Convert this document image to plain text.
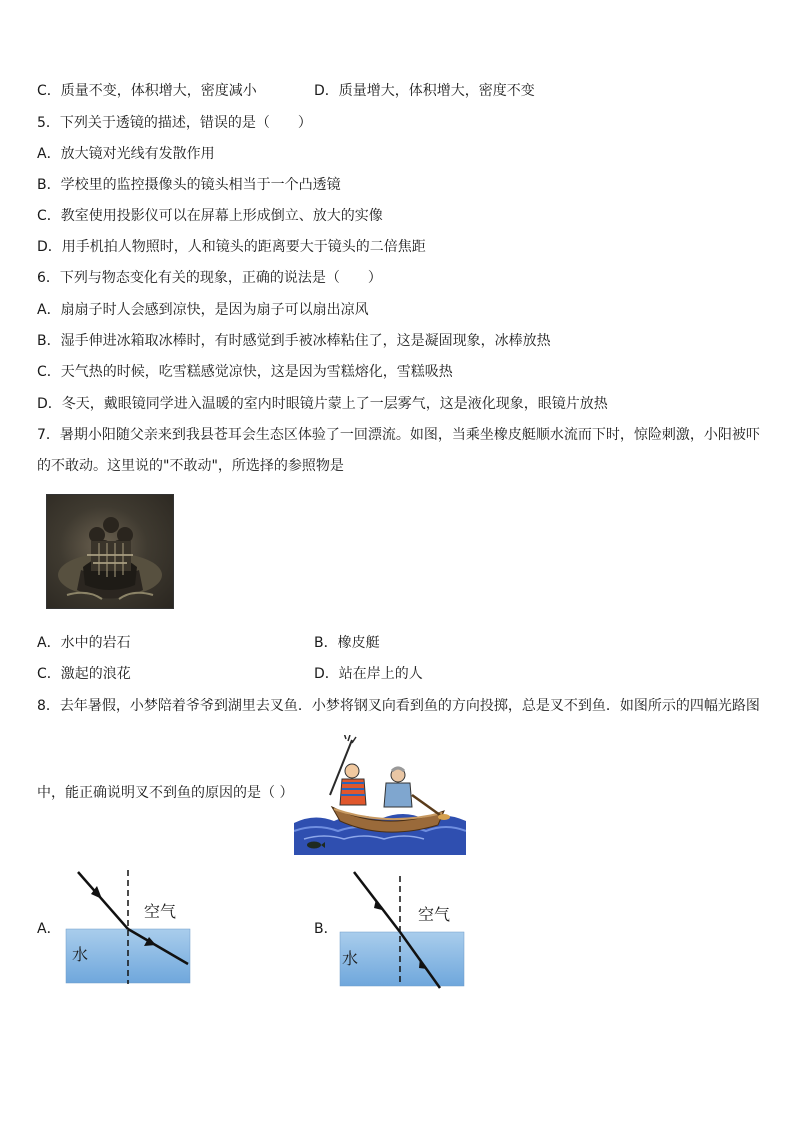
C．质量不变，体积增大，密度减小	D．质量增大，体积增大，密度不变
5．下列关于透镜的描述，错误的是（　　）
A．放大镜对光线有发散作用
B．学校里的监控摄像头的镜头相当于一个凸透镜
C．教室使用投影仪可以在屏幕上形成倒立、放大的实像
D．用手机拍人物照时，人和镜头的距离要大于镜头的二倍焦距
6．下列与物态变化有关的现象，正确的说法是（　　）
A．扇扇子时人会感到凉快，是因为扇子可以扇出凉风
B．湿手伸进冰箱取冰棒时，有时感觉到手被冰棒粘住了，这是凝固现象，冰棒放热
C．天气热的时候，吃雪糕感觉凉快，这是因为雪糕熔化，雪糕吸热
D．冬天，戴眼镜同学进入温暖的室内时眼镜片蒙上了一层雾气，这是液化现象，眼镜片放热
7．暑期小阳随父亲来到我县苍耳会生态区体验了一回漂流。如图，当乘坐橡皮艇顺水流而下时，惊险刺激，小阳被吓
的不敢动。这里说的"不敢动"，所选择的参照物是
A．水中的岩石	B．橡皮艇
C．激起的浪花	D．站在岸上的人
8．去年暑假，小梦陪着爷爷到湖里去叉鱼．小梦将钢叉向看到鱼的方向投掷，总是叉不到鱼．如图所示的四幅光路图
中，能正确说明叉不到鱼的原因的是（ ）
A．
空气
水
B．
空气
水
